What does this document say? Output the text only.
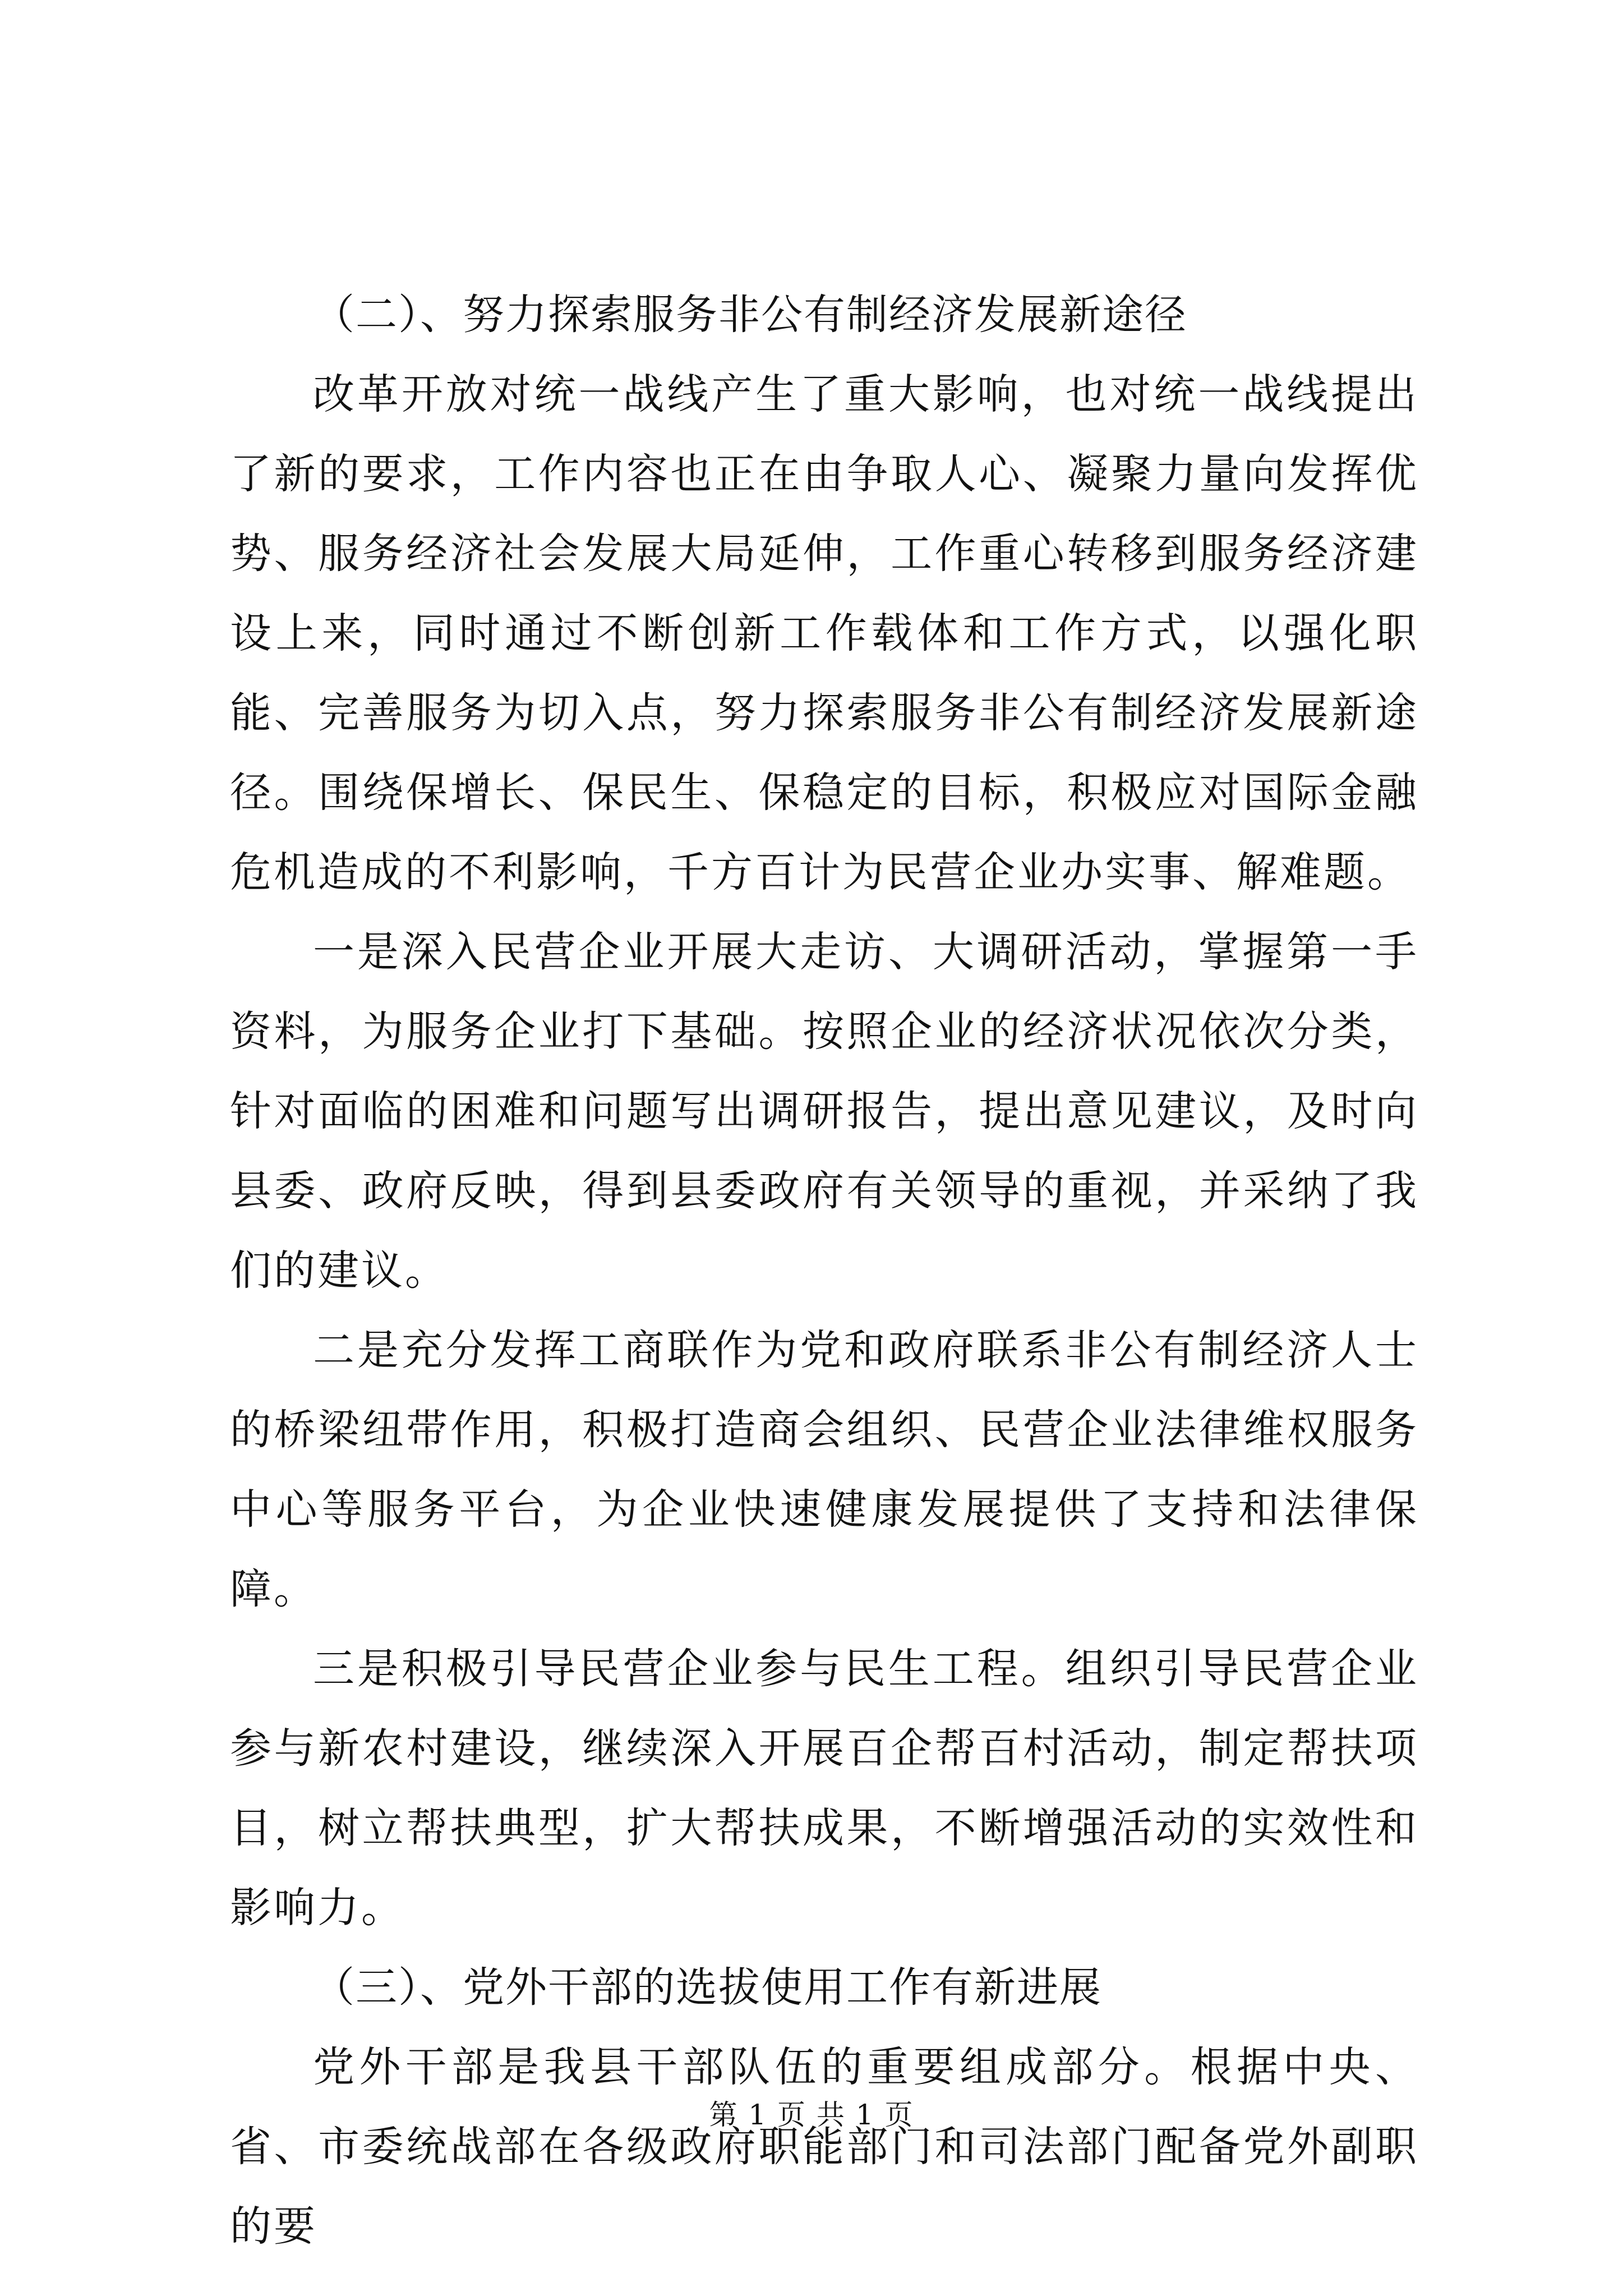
（二）、努力探索服务非公有制经济发展新途径

改革开放对统一战线产生了重大影响，也对统一战线提出了新的要求，工作内容也正在由争取人心、凝聚力量向发挥优势、服务经济社会发展大局延伸，工作重心转移到服务经济建设上来，同时通过不断创新工作载体和工作方式，以强化职能、完善服务为切入点，努力探索服务非公有制经济发展新途径。围绕保增长、保民生、保稳定的目标，积极应对国际金融危机造成的不利影响，千方百计为民营企业办实事、解难题。

一是深入民营企业开展大走访、大调研活动，掌握第一手资料，为服务企业打下基础。按照企业的经济状况依次分类，针对面临的困难和问题写出调研报告，提出意见建议，及时向县委、政府反映，得到县委政府有关领导的重视，并采纳了我们的建议。

二是充分发挥工商联作为党和政府联系非公有制经济人士的桥梁纽带作用，积极打造商会组织、民营企业法律维权服务中心等服务平台，为企业快速健康发展提供了支持和法律保障。

三是积极引导民营企业参与民生工程。组织引导民营企业参与新农村建设，继续深入开展百企帮百村活动，制定帮扶项目，树立帮扶典型，扩大帮扶成果，不断增强活动的实效性和影响力。

（三）、党外干部的选拔使用工作有新进展

党外干部是我县干部队伍的重要组成部分。根据中央、省、市委统战部在各级政府职能部门和司法部门配备党外副职的要

第 1 页 共 1 页
